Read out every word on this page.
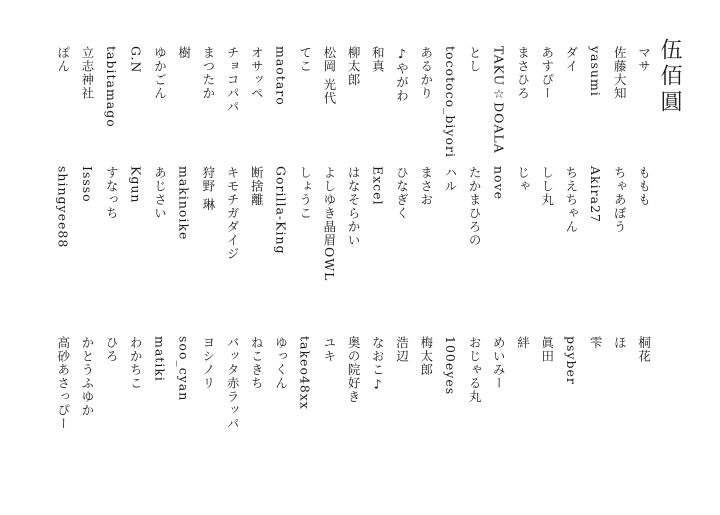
伍佰圓
桐花
ももも
マサ
ほ
ちゃあぼう
佐藤大知
雫
Akira27
yasumi
psyber
ちえちゃん
ダイ
眞田
しし丸
あすぴー
絆
じゃ
まさひろ
めいみー
nove
TAKU☆DOALA
おじゃる丸
たかまひろの
とし
100eyes
ハル
tocotoco_biyori
梅太郎
まさお
あるかり
浩辺
ひなぎく
♪やがわ
なおこ♪
Excel
和真
奥の院好き
はなそらかい
柳太郎
ユキ
よしゆき晶眉OWL
松岡 光代
takeo48xx
しょうこ
てこ
ゆっくん
Gorilla-King
maotaro
ねこきち
断捨離
オサッペ
バッタ赤ラッパ
キモチガダイジ
チョコパパ
ヨシノリ
狩野 琳
まつたか
soo_cyan
makinoike
樹
matiki
あじさい
ゆかごん
わかちこ
Kgun
G.N
ひろ
すなっち
tabitamago
かとうふゆか
Issso
立志神社
高砂あさっぴー
shingyee88
ぽん
